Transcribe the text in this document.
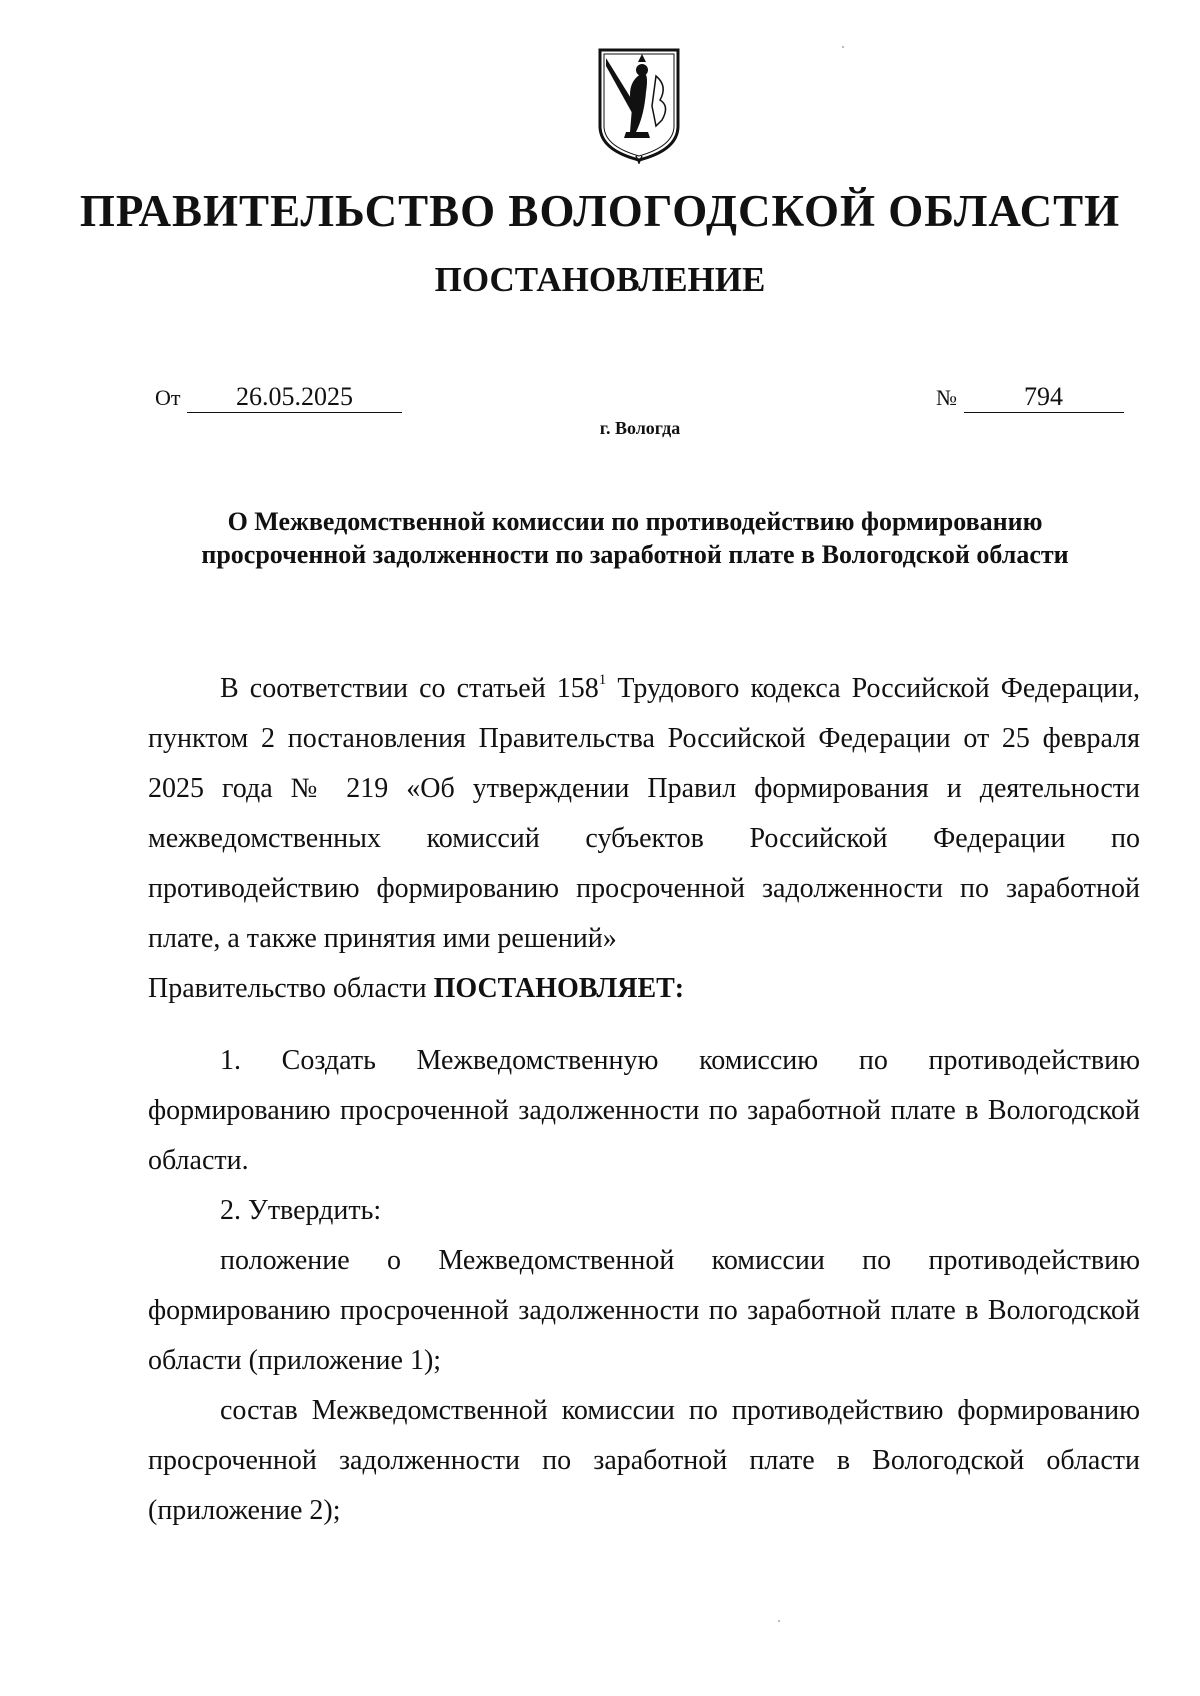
ПРАВИТЕЛЬСТВО ВОЛОГОДСКОЙ ОБЛАСТИ
ПОСТАНОВЛЕНИЕ
От 26.05.2025	№	794
г. Вологда
О Межведомственной комиссии по противодействию формированию
просроченной задолженности по заработной плате в Вологодской области

В соответствии со статьей $158^1$ Трудового кодекса Российской Федерации, пунктом 2 постановления Правительства Российской Федерации от 25 февраля 2025 года № 219 «Об утверждении Правил формирования и деятельности межведомственных комиссий субъектов Российской Федерации по противодействию формированию просроченной задолженности по заработной плате, а также принятия ими решений»

Правительство области ПОСТАНОВЛЯЕТ:

1. Создать Межведомственную комиссию по противодействию формированию просроченной задолженности по заработной плате в Вологодской области.

2. Утвердить:

положение о Межведомственной комиссии по противодействию формированию просроченной задолженности по заработной плате в Вологодской области (приложение 1);

состав Межведомственной комиссии по противодействию формированию просроченной задолженности по заработной плате в Вологодской области (приложение 2);
